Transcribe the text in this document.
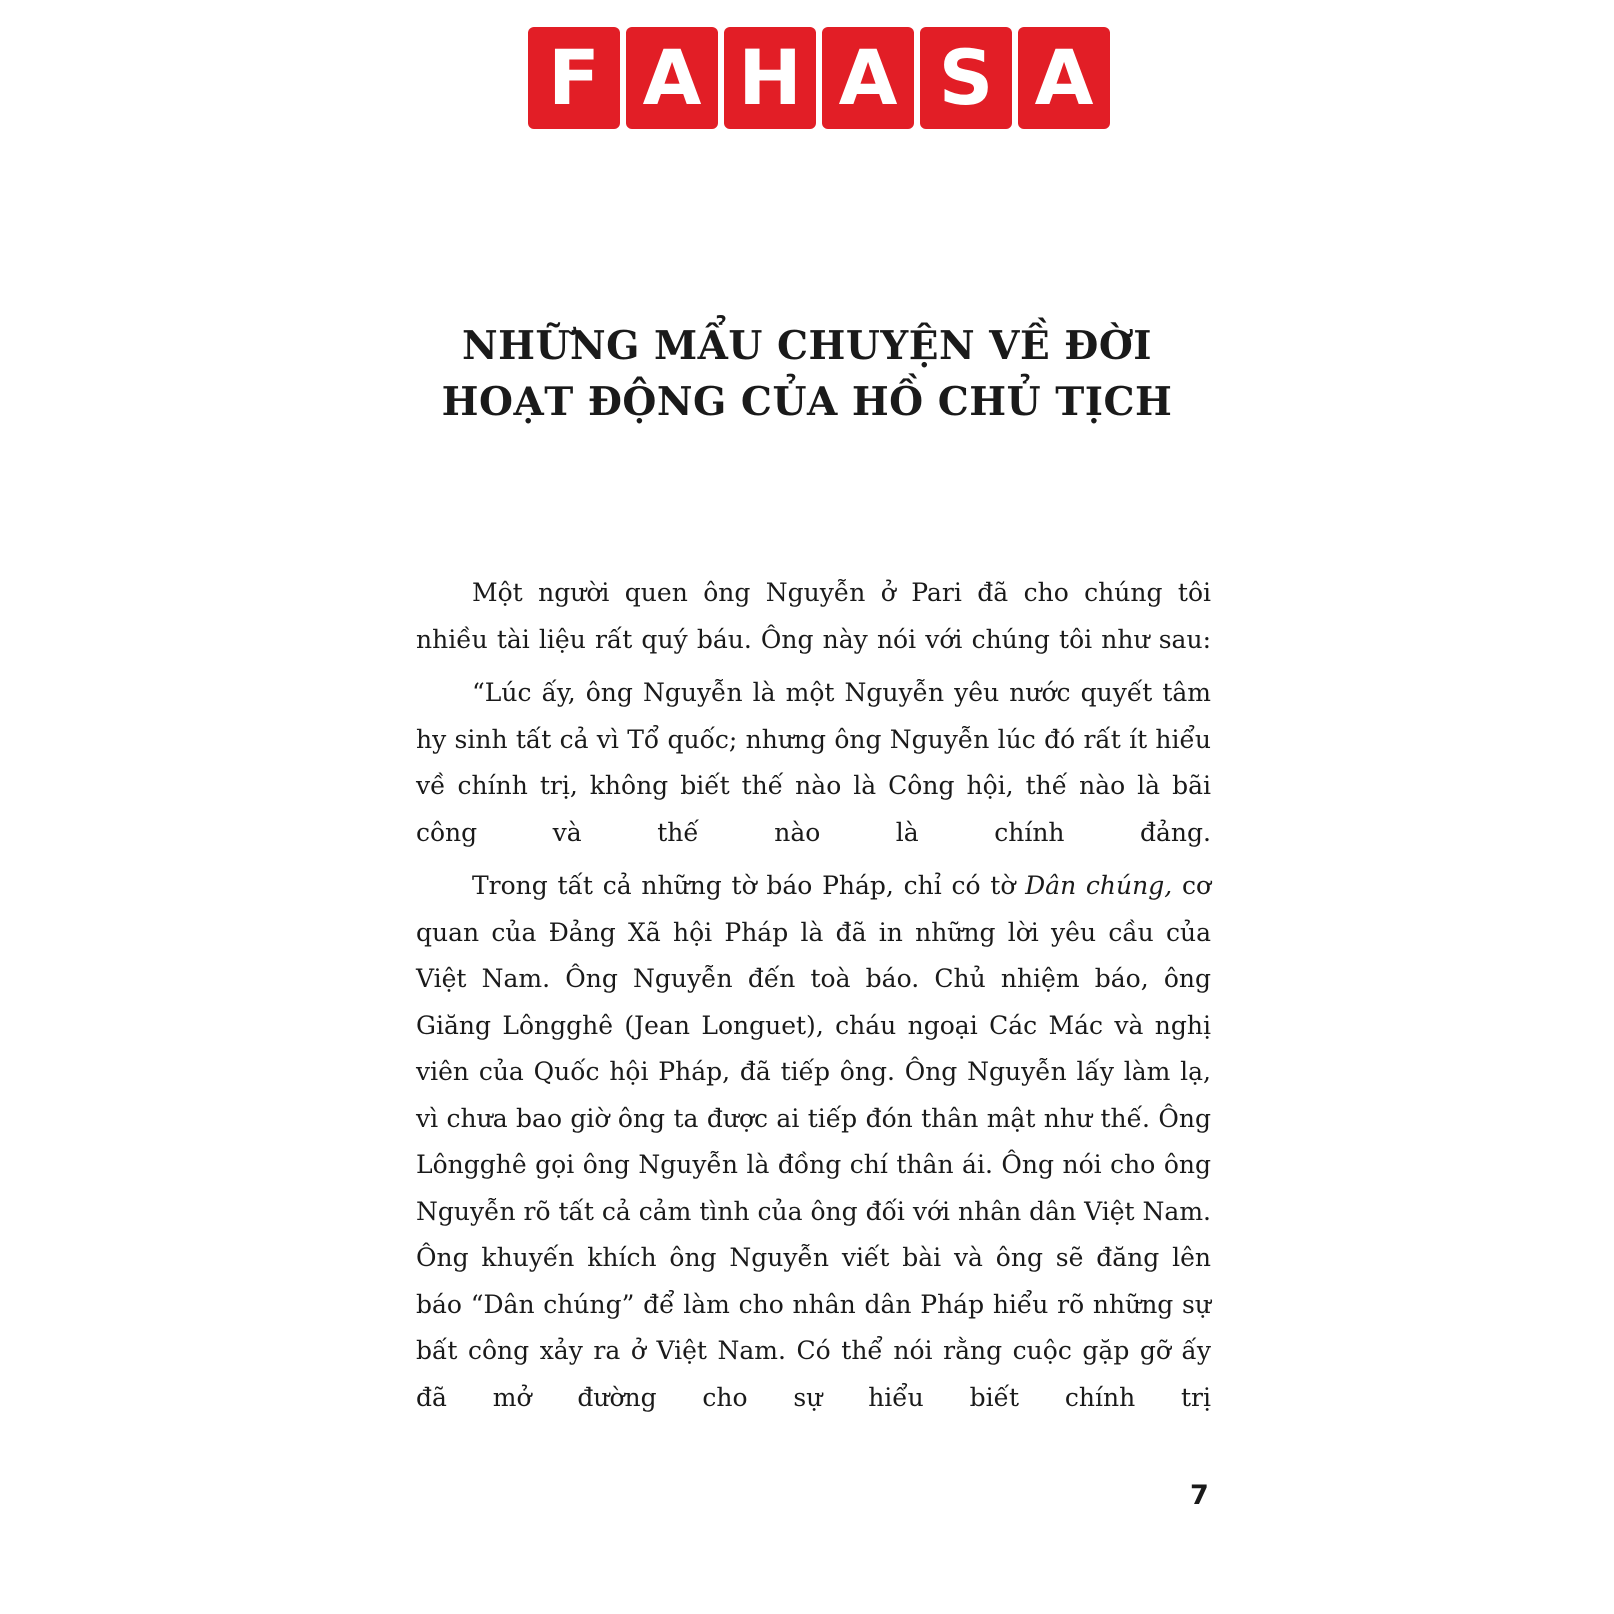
F A H A S A
NHỮNG MẨU CHUYỆN VỀ ĐỜI
HOẠT ĐỘNG CỦA HỒ CHỦ TỊCH

Một người quen ông Nguyễn ở Pari đã cho chúng tôi nhiều tài liệu rất quý báu. Ông này nói với chúng tôi như sau:

“Lúc ấy, ông Nguyễn là một Nguyễn yêu nước quyết tâm hy sinh tất cả vì Tổ quốc; nhưng ông Nguyễn lúc đó rất ít hiểu về chính trị, không biết thế nào là Công hội, thế nào là bãi công và thế nào là chính đảng.

Trong tất cả những tờ báo Pháp, chỉ có tờ Dân chúng, cơ quan của Đảng Xã hội Pháp là đã in những lời yêu cầu của Việt Nam. Ông Nguyễn đến toà báo. Chủ nhiệm báo, ông Giăng Lôngghê (Jean Longuet), cháu ngoại Các Mác và nghị viên của Quốc hội Pháp, đã tiếp ông. Ông Nguyễn lấy làm lạ, vì chưa bao giờ ông ta được ai tiếp đón thân mật như thế. Ông Lôngghê gọi ông Nguyễn là đồng chí thân ái. Ông nói cho ông Nguyễn rõ tất cả cảm tình của ông đối với nhân dân Việt Nam. Ông khuyến khích ông Nguyễn viết bài và ông sẽ đăng lên báo “Dân chúng” để làm cho nhân dân Pháp hiểu rõ những sự bất công xảy ra ở Việt Nam. Có thể nói rằng cuộc gặp gỡ ấy đã mở đường cho sự hiểu biết chính trị

7
